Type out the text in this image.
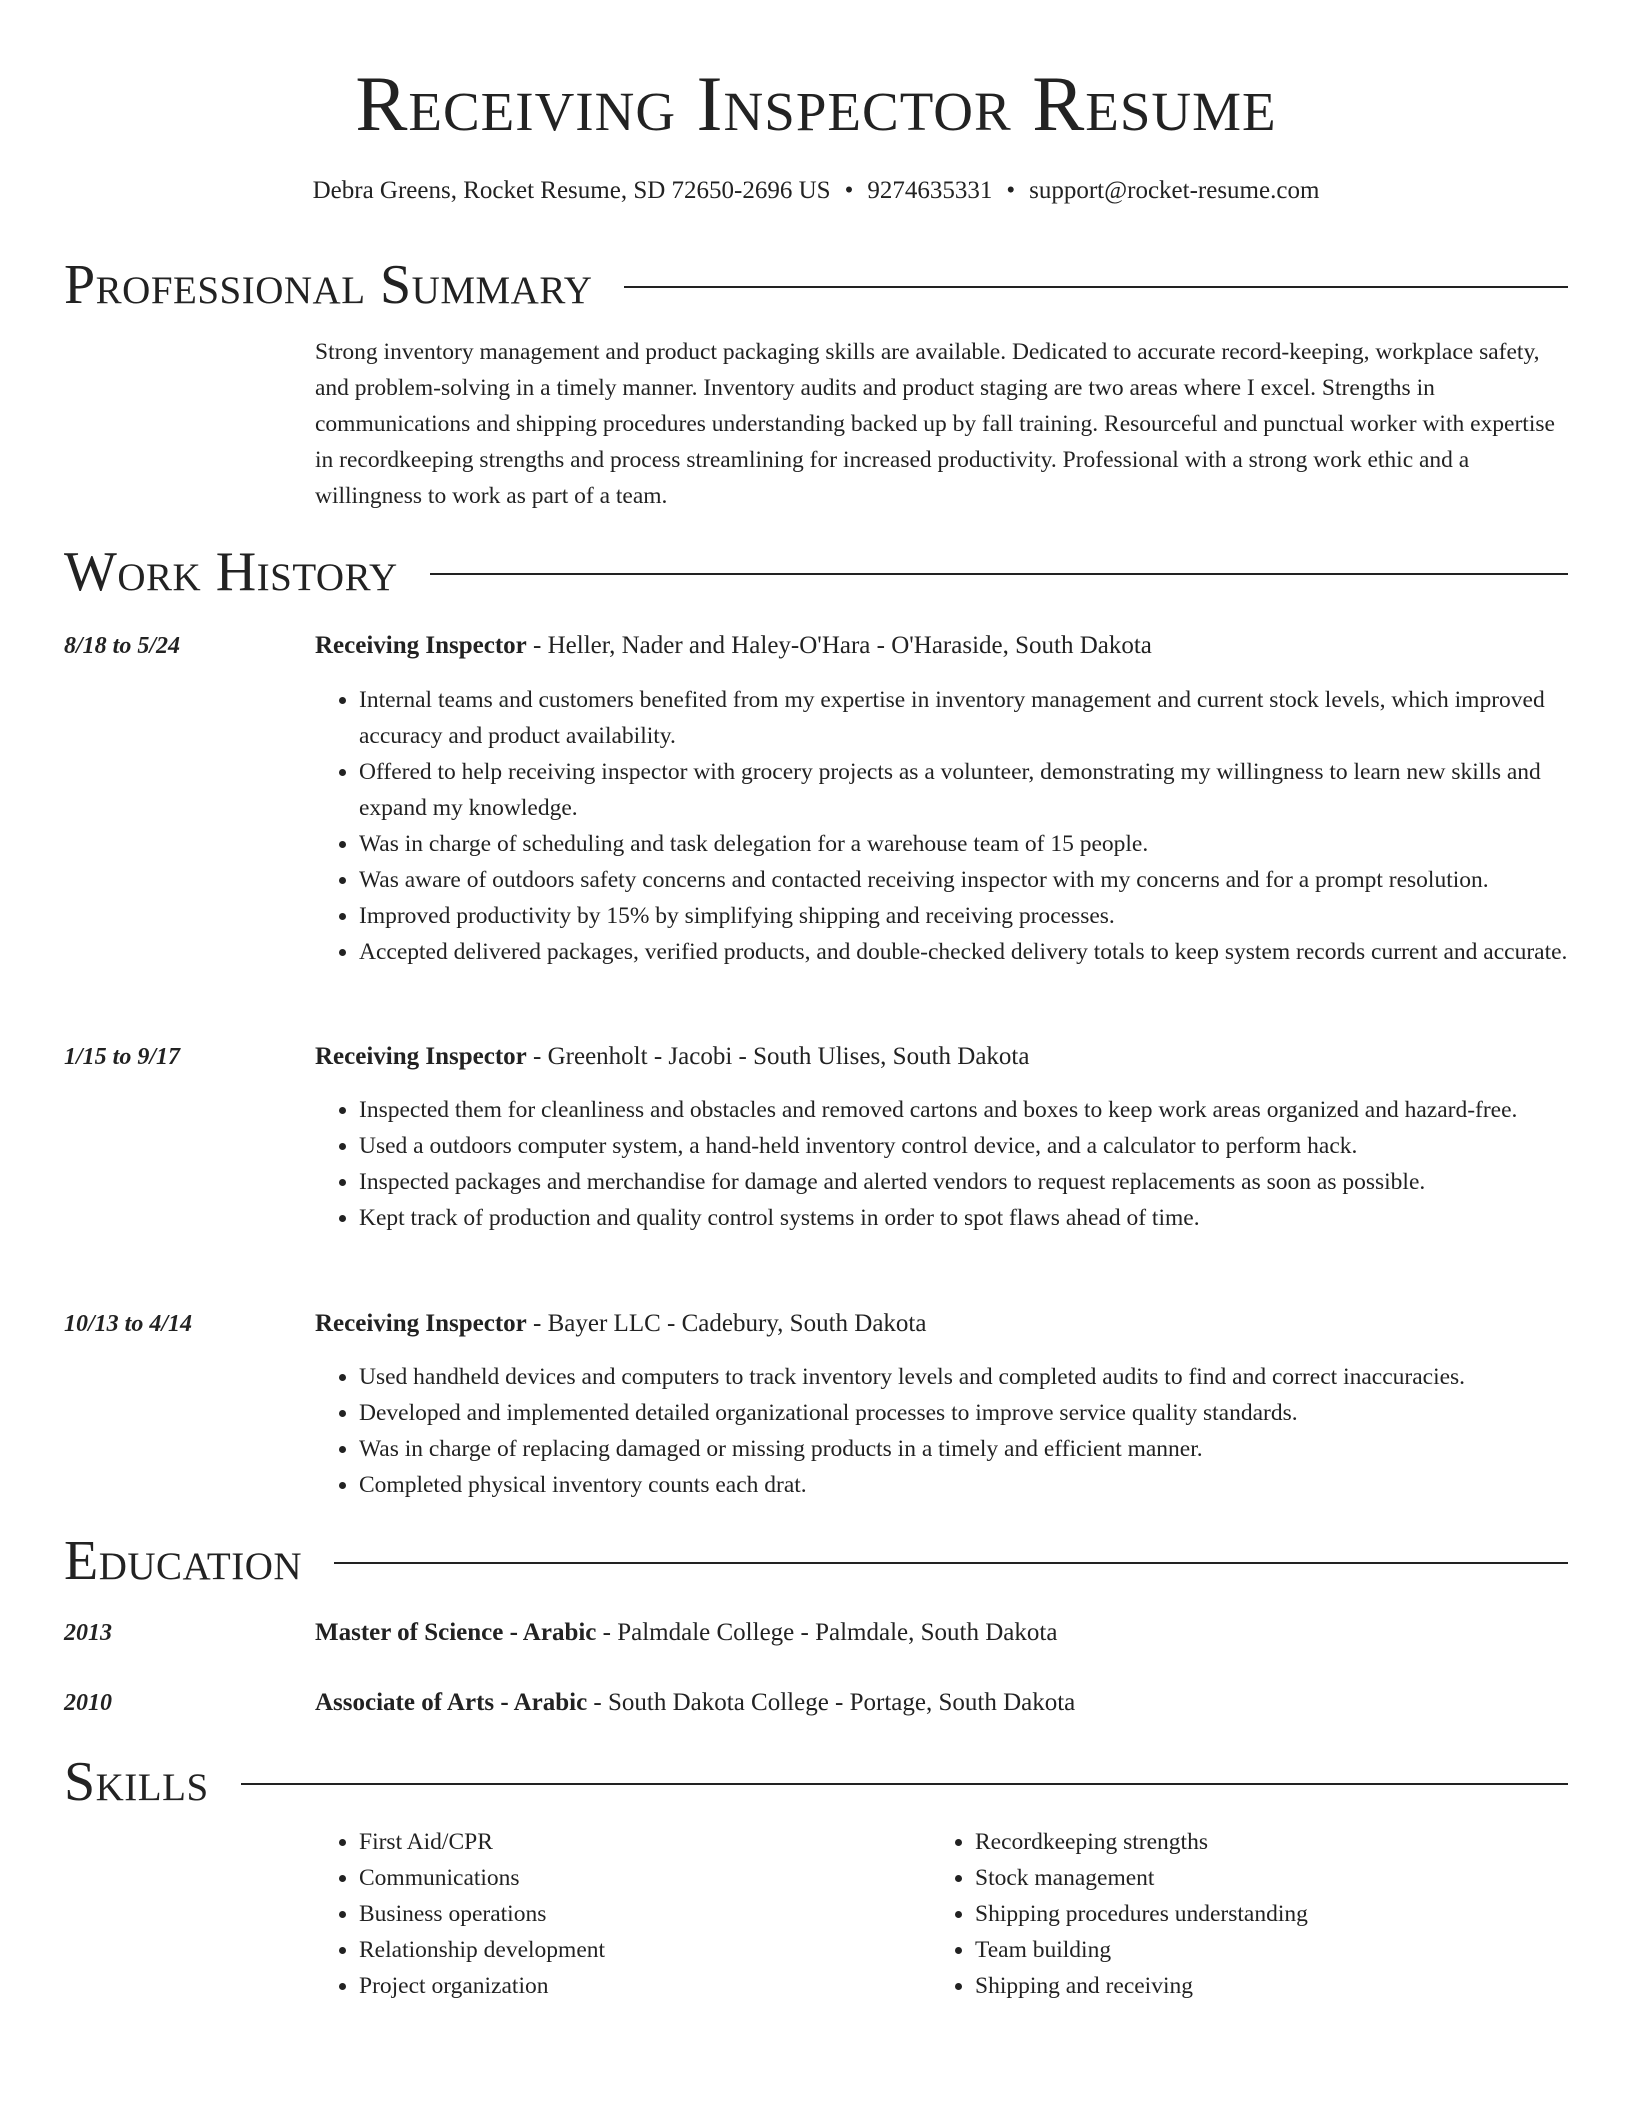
Receiving Inspector Resume
Debra Greens, Rocket Resume, SD 72650-2696 US • 9274635331 • support@rocket-resume.com
Professional Summary

Strong inventory management and product packaging skills are available. Dedicated to accurate record-keeping, workplace safety, and problem-solving in a timely manner. Inventory audits and product staging are two areas where I excel. Strengths in communications and shipping procedures understanding backed up by fall training. Resourceful and punctual worker with expertise in recordkeeping strengths and process streamlining for increased productivity. Professional with a strong work ethic and a willingness to work as part of a team.

Work History
8/18 to 5/24	Receiving Inspector - Heller, Nader and Haley-O'Hara - O'Haraside, South Dakota
• Internal teams and customers benefited from my expertise in inventory management and current stock levels, which improved accuracy and product availability.
• Offered to help receiving inspector with grocery projects as a volunteer, demonstrating my willingness to learn new skills and expand my knowledge.
• Was in charge of scheduling and task delegation for a warehouse team of 15 people.
• Was aware of outdoors safety concerns and contacted receiving inspector with my concerns and for a prompt resolution.
• Improved productivity by 15% by simplifying shipping and receiving processes.
• Accepted delivered packages, verified products, and double-checked delivery totals to keep system records current and accurate.
1/15 to 9/17	Receiving Inspector - Greenholt - Jacobi - South Ulises, South Dakota
• Inspected them for cleanliness and obstacles and removed cartons and boxes to keep work areas organized and hazard-free.
• Used a outdoors computer system, a hand-held inventory control device, and a calculator to perform hack.
• Inspected packages and merchandise for damage and alerted vendors to request replacements as soon as possible.
• Kept track of production and quality control systems in order to spot flaws ahead of time.
10/13 to 4/14	Receiving Inspector - Bayer LLC - Cadebury, South Dakota
• Used handheld devices and computers to track inventory levels and completed audits to find and correct inaccuracies.
• Developed and implemented detailed organizational processes to improve service quality standards.
• Was in charge of replacing damaged or missing products in a timely and efficient manner.
• Completed physical inventory counts each drat.
Education
2013	Master of Science - Arabic - Palmdale College - Palmdale, South Dakota
2010	Associate of Arts - Arabic - South Dakota College - Portage, South Dakota
Skills
• First Aid/CPR
• Communications
• Business operations
• Relationship development
• Project organization
• Recordkeeping strengths
• Stock management
• Shipping procedures understanding
• Team building
• Shipping and receiving
